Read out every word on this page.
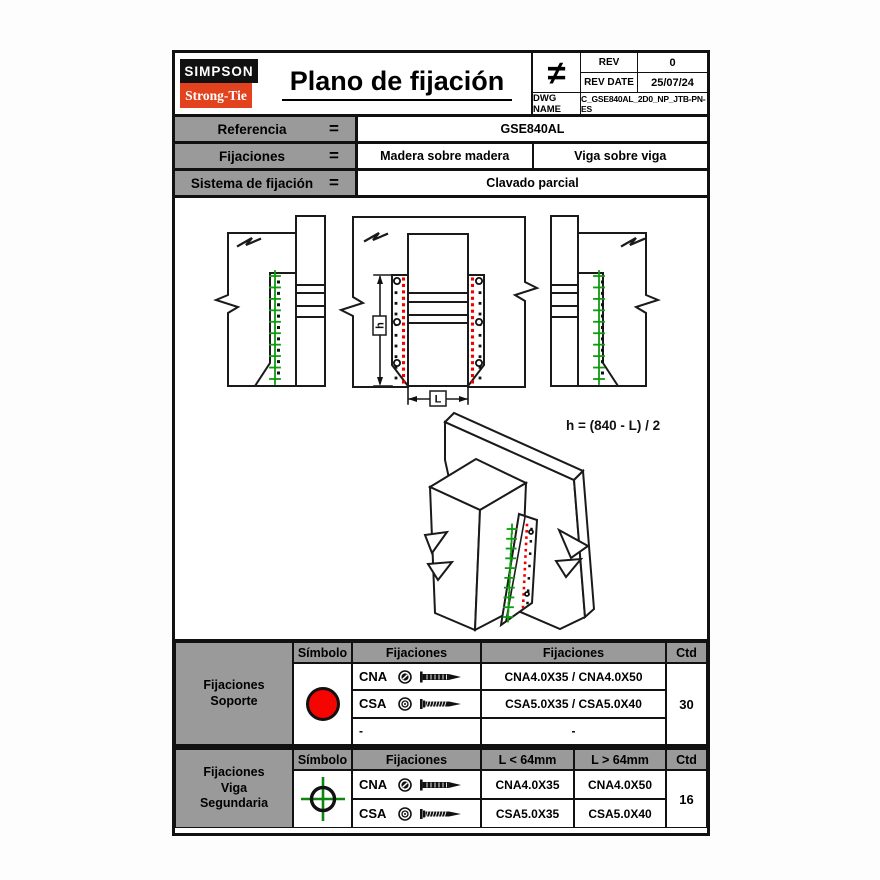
SIMPSON
Strong-Tie Plano de fijación	≠	REV	0
REV DATE	25/07/24
DWG NAME
C_GSE840AL_2D0_NP_JTB-PN-ES
Referencia	=	GSE840AL
Fijaciones	=	Madera sobre madera	Viga sobre viga
Sistema de fijación =	Clavado parcial
h
L
h = (840 - L) / 2
Fijaciones
Soporte
Símbolo	Fijaciones	Fijaciones	Ctd
CNA	CNA4.0X35 / CNA4.0X50
CSA	CSA5.0X35 / CSA5.0X40
-	-
30
Fijaciones
Viga
Segundaria
Símbolo	Fijaciones	L < 64mm	L > 64mm	Ctd
CNA	CNA4.0X35	CNA4.0X50
CSA	CSA5.0X35	CSA5.0X40
16
